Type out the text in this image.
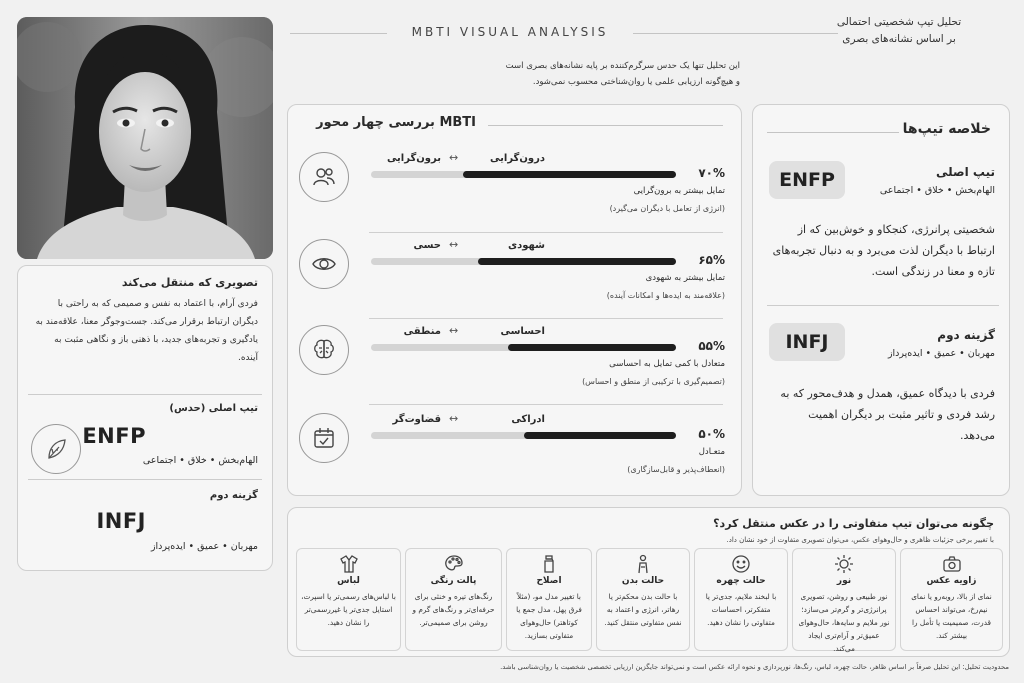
MBTI VISUAL ANALYSIS
تحلیل تیپ شخصیتی احتمالی
بر اساس نشانه‌های بصری
این تحلیل تنها یک حدس سرگرم‌کننده بر پایه نشانه‌های بصری است
و هیچ‌گونه ارزیابی علمی یا روان‌شناختی محسوب نمی‌شود.
تصویری که منتقل می‌کند
فردی آرام، با اعتماد به نفس و صمیمی که به راحتی با دیگران ارتباط برقرار می‌کند. جست‌وجوگر معنا، علاقه‌مند به یادگیری و تجربه‌های جدید، با ذهنی باز و نگاهی مثبت به آینده.
تیپ اصلی (حدس)
ENFP
الهام‌بخش • خلاق • اجتماعی
گزینه دوم
INFJ
مهربان • عمیق • ایده‌پرداز
بررسی چهار محور MBTI
درون‌گرایی
↔
برون‌گرایی
۷۰%
تمایل بیشتر به برون‌گرایی
(انرژی از تعامل با دیگران می‌گیرد)
شهودی
↔
حسی
۶۵%
تمایل بیشتر به شهودی
(علاقه‌مند به ایده‌ها و امکانات آینده)
احساسی
↔
منطقی
۵۵%
متعادل با کمی تمایل به احساسی
(تصمیم‌گیری با ترکیبی از منطق و احساس)
ادراکی
↔
قضاوت‌گر
۵۰%
متعـادل
(انعطاف‌پذیر و قابل‌سازگاری)
خلاصه تیپ‌ها
تیپ اصلی
الهام‌بخش • خلاق • اجتماعی
ENFP
شخصیتی پرانرژی، کنجکاو و خوش‌بین که از ارتباط با دیگران لذت می‌برد و به دنبال تجربه‌های تازه و معنا در زندگی است.
گزینه دوم
مهربان • عمیق • ایده‌پرداز
INFJ
فردی با دیدگاه عمیق، همدل و هدف‌محور که به رشد فردی و تاثیر مثبت بر دیگران اهمیت می‌دهد.
چگونه می‌توان تیپ متفاوتی را در عکس منتقل کرد؟
با تغییر برخی جزئیات ظاهری و حال‌وهوای عکس، می‌توان تصویری متفاوت از خود نشان داد.
زاویه عکس
نمای از بالا، روبه‌رو یا نمای نیم‌رخ، می‌تواند احساس قدرت، صمیمیت یا تأمل را بیشتر کند.
نور
نور طبیعی و روشن، تصویری پرانرژی‌تر و گرم‌تر می‌سازد؛ نور ملایم و سایه‌ها، حال‌وهوای عمیق‌تر و آرام‌تری ایجاد می‌کند.
حالت چهره
با لبخند ملایم، جدی‌تر یا متفکرتر، احساسات متفاوتی را نشان دهید.
حالت بدن
با حالت بدن محکم‌تر یا رهاتر، انرژی و اعتماد به نفس متفاوتی منتقل کنید.
اصلاح
با تغییر مدل مو، (مثلاً فرق پهل، مدل جمع یا کوتاهتر) حال‌وهوای متفاوتی بسازید.
پالت رنگی
رنگ‌های تیره و خنثی برای حرفه‌ای‌تر و رنگ‌های گرم و روشن برای صمیمی‌تر.
لباس
با لباس‌های رسمی‌تر یا اسپرت، استایل جدی‌تر یا غیررسمی‌تر را نشان دهید.
محدودیت تحلیل: این تحلیل صرفاً بر اساس ظاهر، حالت چهره، لباس، رنگ‌ها، نورپردازی و نحوه ارائه عکس است و نمی‌تواند جایگزین ارزیابی تخصصی شخصیت یا روان‌شناسی باشد.
